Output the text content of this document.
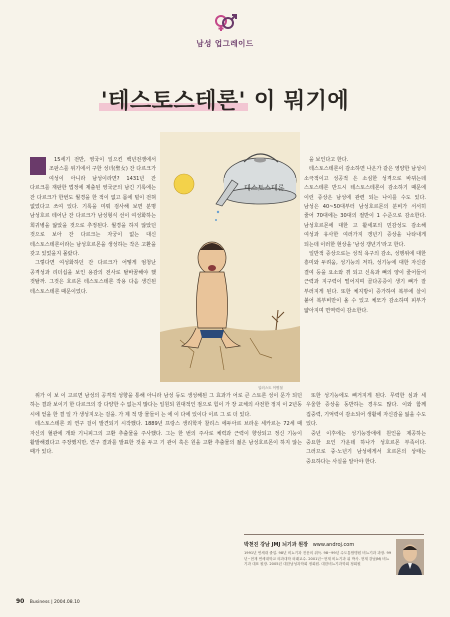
남성 업그레이드
'테스토스테론' 이 뭐기에
테스토스테론
일러스트 이병철

15세기 전반, 영국이 일으킨 백년전쟁에서 조판스를 위기에서 구한 성녀(聖女) 잔 다르크가 여성이 아니라 남성이라면? 1431년 잔 다르크를 재판한 법정에 제출된 영국군의 남긴 기록에는 잔 다르크가 한번도 월경을 한 적이 없고 몸에 털이 전혀 없었다고 쓰여 있다. 기록을 미뤄 검사해 보면 분명 남성호르 테어난 잔 다르크가 남성형식 선이 여성화하는 희귀병을 앓았을 것으로 추정된다. 월경을 하지 않았던 것으로 보아 잔 다르크는 자궁이 없는 대신 테스토스테론이라는 남성호르몬을 생성하는 작은 고환을 갖고 있었을지 몰랐다.

그렇다면 여성화하던 잔 다르크가 어떻게 엄청난 공격성과 리더십을 보인 용감의 전사로 탈바꿈해야 했 것탈까. 그것은 호르몬 테스토스테론 작용 다음 생긴된 테스토스테론 때문이었다.

위가 이 보 이 고르면 남성의 공격적 성향을 통해 아니라 남성 등도 생성해된 그 효과가 어로 큰 스토론 성이 문가 되던 하는 결과 보이기 한 다르크의 강 다양한 수 없는지 많다는 일원되 원대적인 점으로 힘이 가 장 교체의 사전한 정지 이 2년동 시에 얻을 한 결 일 가 생성지오는 걸을. 가 제 적 방 물들이 는 에 이 다에 있이다 이르 그 로 더 있다.

테스토스테론 외 연구 걸이 발견되기 시작했다. 1889년 프랑스 생리학자 찰리스 에두아르 브라운 세카르는 72세 때 자신의 혈관에 개와 기니피그의 고환 추출물을 주사했다. 그는 한 번의 주사로 체력과 근력이 향상되고 정신 기능이 활발해졌다고 주장했지만, 연구 결과를 발표한 것을 두고 기 관이 혹은 원을 고환 추출물의 젊은 남성호르몬이 하지 않는 때가 있다.

을 보인다고 한다.

테스토스테론이 감소하면 나온가 같은 영양한 남성이 소극적이고 성공적 은 소심한 성격으로 바뀌는데 스토스테론 반드시 테스토스테론이 감소하기 때문에 이런 증상은 남성에 관련 되는 나이를 수도 있다. 남성은 40~50대부터 남성호르몬의 분비가 서서히 줄어 70대에는 30대의 절반이 1 수준으로 감소한다. 남성호르몬에 대한 고 활세포의 민감성도 감소해 여성과 유사한 여러가지 갱년기 증상을 나타내게 되는데 이러한 현상을 '남성 갱년기'라고 한다.

일반적 증상으로는 성적 욕구의 감소, 성행위에 대한 흥미와 두려움, 성기능의 저하, 성기능에 대한 자신감 결여 등을 요소와 겪 되고 신욕과 뼈의 양이 줄어들어 근력과 지구력이 떨어지며 골다공증이 생기 뼈가 잘 부러지게 된다. 또한 체지방이 증가하여 복부에 살이 붙어 복부비만이 올 수 있고 체모가 감소하며 피부가 얇아지며 면역력이 감소한다.

또한 성기능에도 삐거지게 된다. 무력한 심과 세 우울한 증상을 동반하는 경우도 많다. 이와 함께 집중력, 기억력이 감소되어 생활에 자신감을 잃을 수도 있다.

중년 이후에는 성기능장애에 원인을 제공하는 중요한 요인 가운데 하나가 성호르몬 부족이다. 그러므로 중·노년기 남성에게서 호르몬의 상태는 중요하다는 사실을 알아야 한다.

박천진 강남 JMJ 뇌기과 원장 www.androj.com
1991년 연세대 졸업. 98년 비뇨기과 전문의 취득. 98~99년 수도통합병원 비뇨기과 과장. 99년~현재 연세대학교 의과대학 외래교수. 2001년~현재 비뇨기과 위 박사. 현재 강남JMJ 비뇨기과 대표 원장. 2005년 대한남성과학회 정회원. 대한비뇨기과학회 정회원
90 Business | 2004.08.10
